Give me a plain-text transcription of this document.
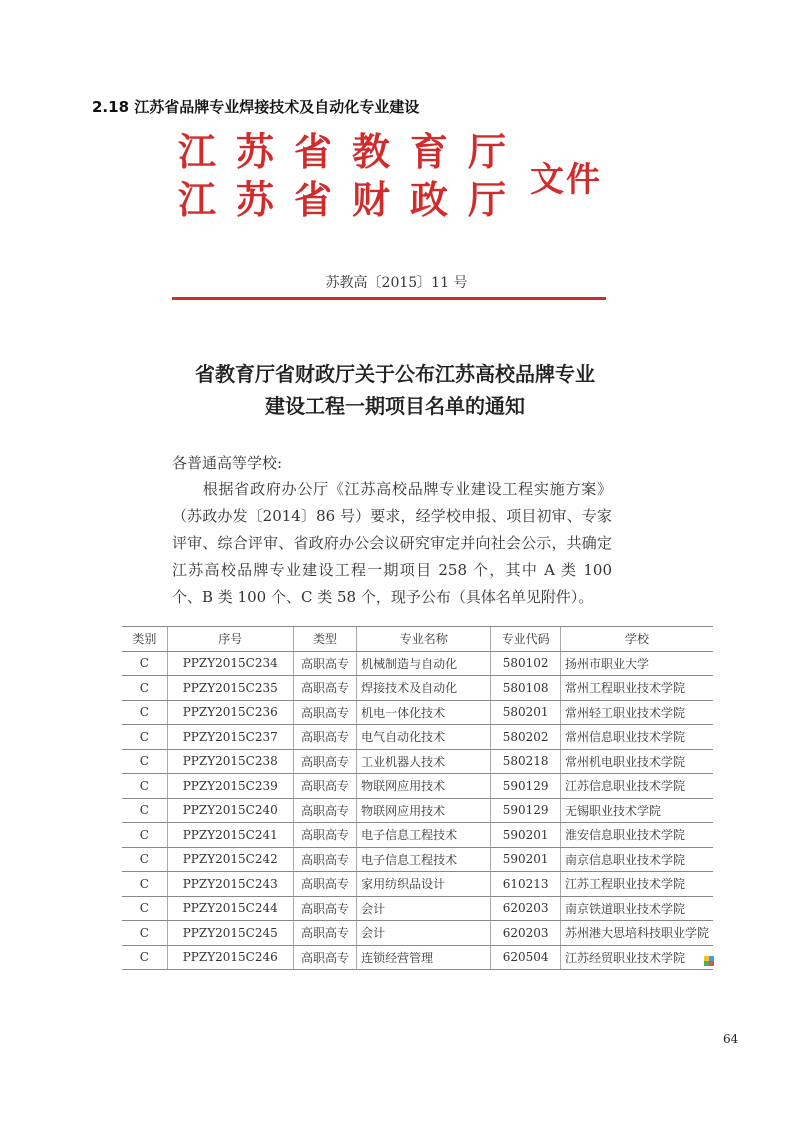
2.18 江苏省品牌专业焊接技术及自动化专业建设
江苏省教育厅
江苏省财政厅 文件
苏教高〔2015〕11 号
省教育厅省财政厅关于公布江苏高校品牌专业
建设工程一期项目名单的通知
各普通高等学校:
根据省政府办公厅《江苏高校品牌专业建设工程实施方案》（苏政办发〔2014〕86 号）要求，经学校申报、项目初审、专家评审、综合评审、省政府办公会议研究审定并向社会公示，共确定江苏高校品牌专业建设工程一期项目 258 个，其中 A 类 100 个、B 类 100 个、C 类 58 个，现予公布（具体名单见附件）。
类别	序号	类型	专业名称	专业代码	学校
C	PPZY2015C234	高职高专	机械制造与自动化	580102	扬州市职业大学
C	PPZY2015C235	高职高专	焊接技术及自动化	580108	常州工程职业技术学院
C	PPZY2015C236	高职高专	机电一体化技术	580201	常州轻工职业技术学院
C	PPZY2015C237	高职高专	电气自动化技术	580202	常州信息职业技术学院
C	PPZY2015C238	高职高专	工业机器人技术	580218	常州机电职业技术学院
C	PPZY2015C239	高职高专	物联网应用技术	590129	江苏信息职业技术学院
C	PPZY2015C240	高职高专	物联网应用技术	590129	无锡职业技术学院
C	PPZY2015C241	高职高专	电子信息工程技术	590201	淮安信息职业技术学院
C	PPZY2015C242	高职高专	电子信息工程技术	590201	南京信息职业技术学院
C	PPZY2015C243	高职高专	家用纺织品设计	610213	江苏工程职业技术学院
C	PPZY2015C244	高职高专	会计	620203	南京铁道职业技术学院
C	PPZY2015C245	高职高专	会计	620203	苏州港大思培科技职业学院
C	PPZY2015C246	高职高专	连锁经营管理	620504	江苏经贸职业技术学院
64
